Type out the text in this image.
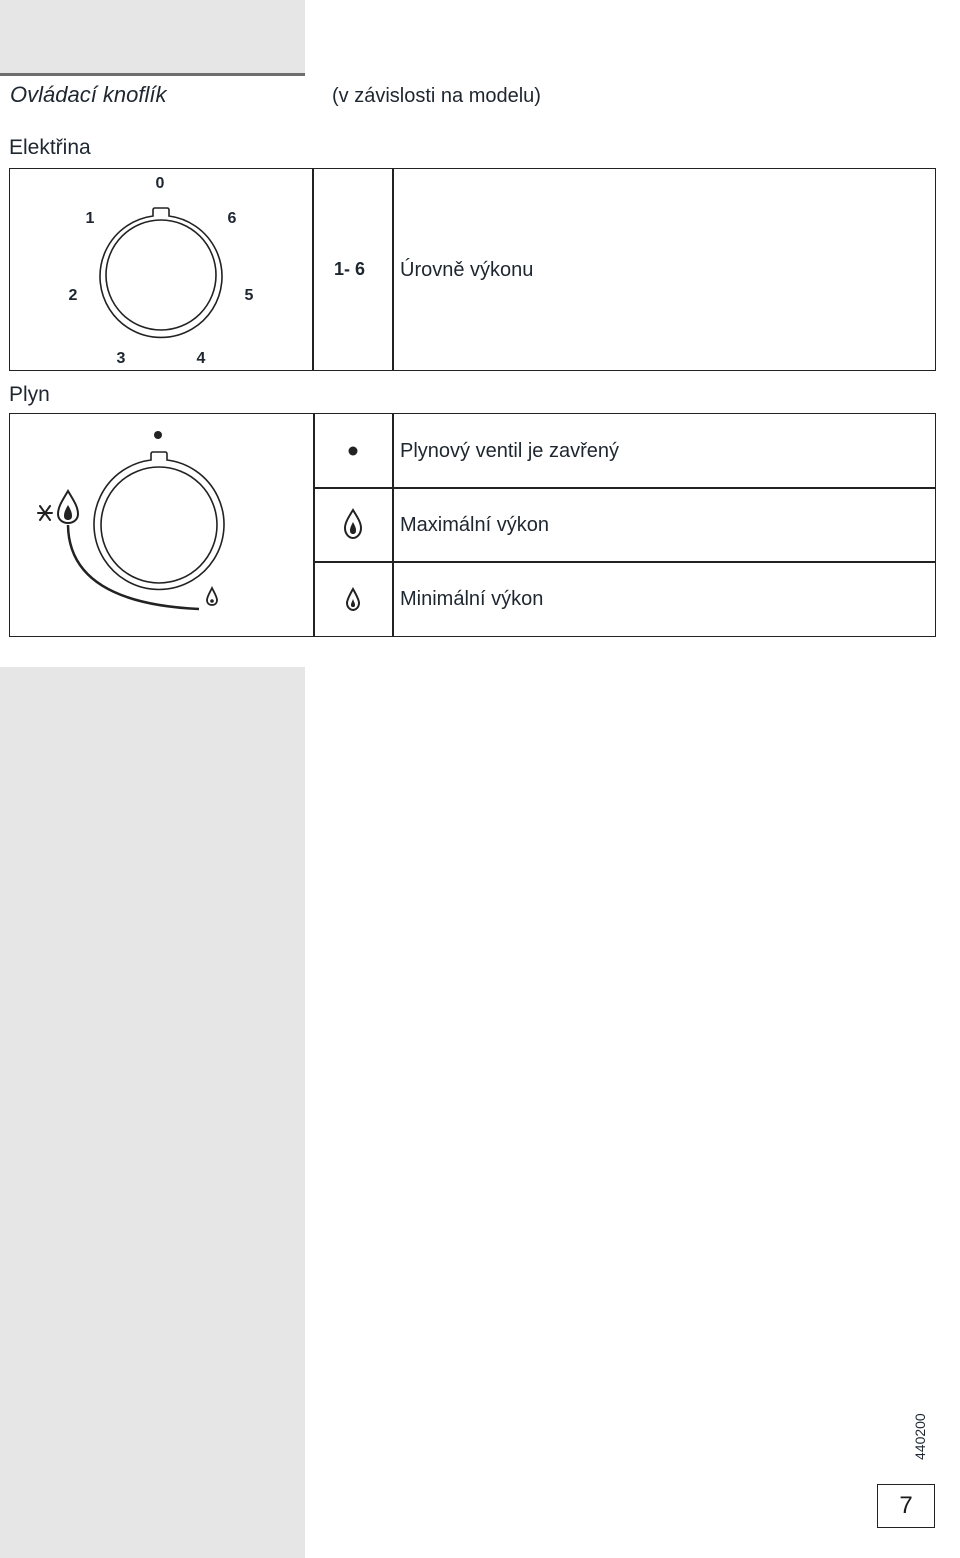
Ovládací knoflík	(v závislosti na modelu)
Elektřina
0
1	6
2	5
3	4
1- 6 Úrovně výkonu
Plyn
Plynový ventil je zavřený
Maximální výkon
Minimální výkon
440200
7
